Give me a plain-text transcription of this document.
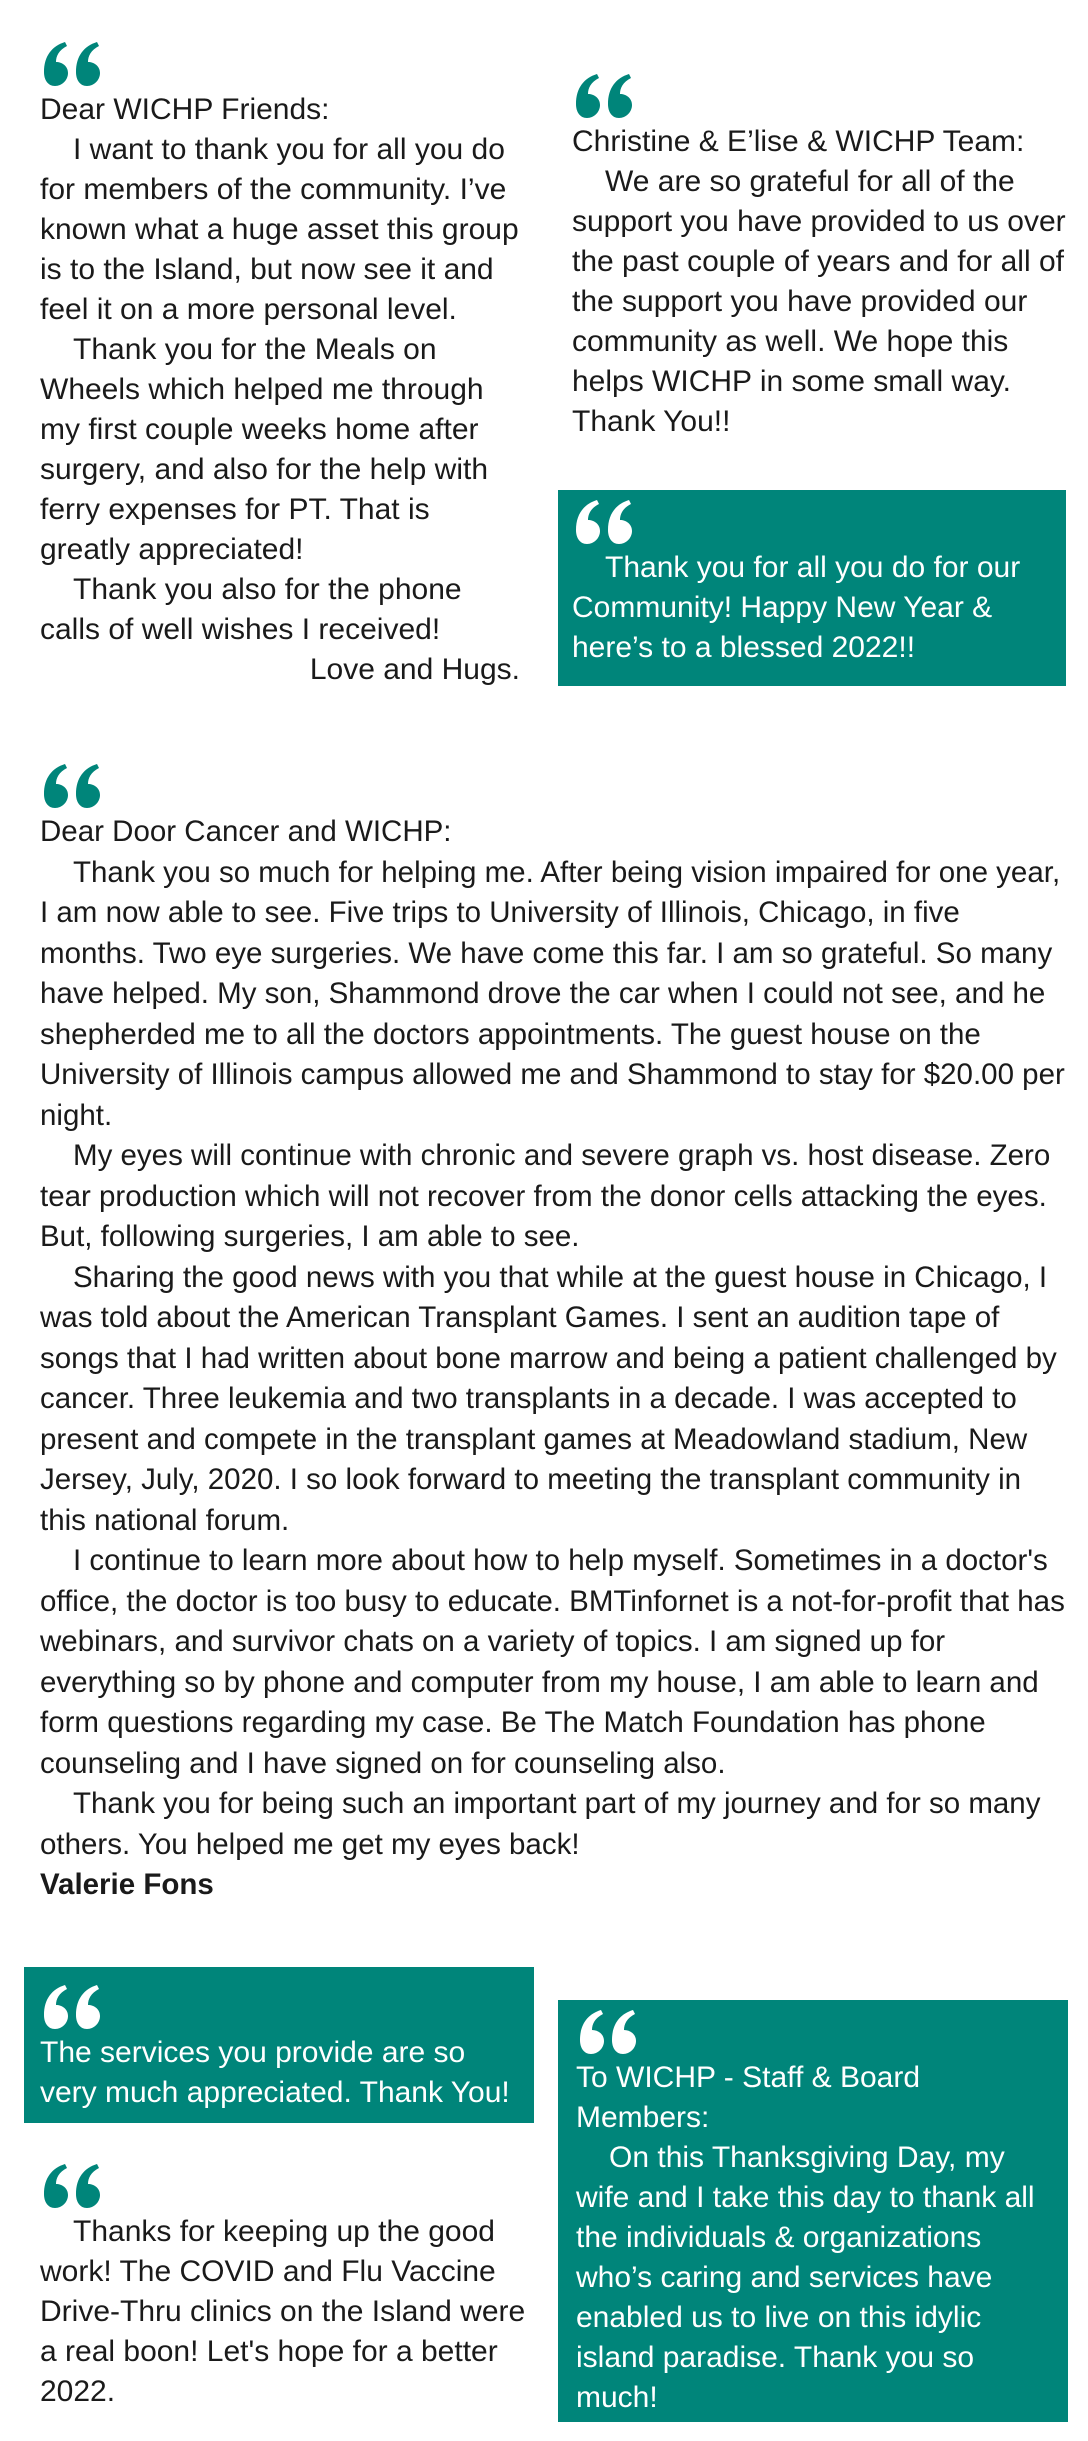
Dear WICHP Friends:

I want to thank you for all you do for members of the community. I’ve known what a huge asset this group is to the Island, but now see it and feel it on a more personal level.

Thank you for the Meals on Wheels which helped me through my first couple weeks home after surgery, and also for the help with ferry expenses for PT. That is greatly appreciated!

Thank you also for the phone calls of well wishes I received!

Love and Hugs.

Christine & E’lise & WICHP Team:

We are so grateful for all of the support you have provided to us over the past couple of years and for all of the support you have provided our community as well. We hope this helps WICHP in some small way. Thank You!!

Thank you for all you do for our Community! Happy New Year & here’s to a blessed 2022!!

Dear Door Cancer and WICHP:

Thank you so much for helping me. After being vision impaired for one year, I am now able to see. Five trips to University of Illinois, Chicago, in five months. Two eye surgeries. We have come this far. I am so grateful. So many have helped. My son, Shammond drove the car when I could not see, and he shepherded me to all the doctors appointments. The guest house on the University of Illinois campus allowed me and Shammond to stay for $20.00 per night.

My eyes will continue with chronic and severe graph vs. host disease. Zero tear production which will not recover from the donor cells attacking the eyes. But, following surgeries, I am able to see.

Sharing the good news with you that while at the guest house in Chicago, I was told about the American Transplant Games. I sent an audition tape of songs that I had written about bone marrow and being a patient challenged by cancer. Three leukemia and two transplants in a decade. I was accepted to present and compete in the transplant games at Meadowland stadium, New Jersey, July, 2020. I so look forward to meeting the transplant community in this national forum.

I continue to learn more about how to help myself. Sometimes in a doctor's office, the doctor is too busy to educate. BMTinfornet is a not-for-profit that has webinars, and survivor chats on a variety of topics. I am signed up for everything so by phone and computer from my house, I am able to learn and form questions regarding my case. Be The Match Foundation has phone counseling and I have signed on for counseling also.

Thank you for being such an important part of my journey and for so many others. You helped me get my eyes back!

Valerie Fons

The services you provide are so very much appreciated. Thank You!

Thanks for keeping up the good work! The COVID and Flu Vaccine Drive-Thru clinics on the Island were a real boon! Let's hope for a better 2022.

To WICHP - Staff & Board Members:

On this Thanksgiving Day, my wife and I take this day to thank all the individuals & organizations who’s caring and services have enabled us to live on this idylic island paradise. Thank you so much!
